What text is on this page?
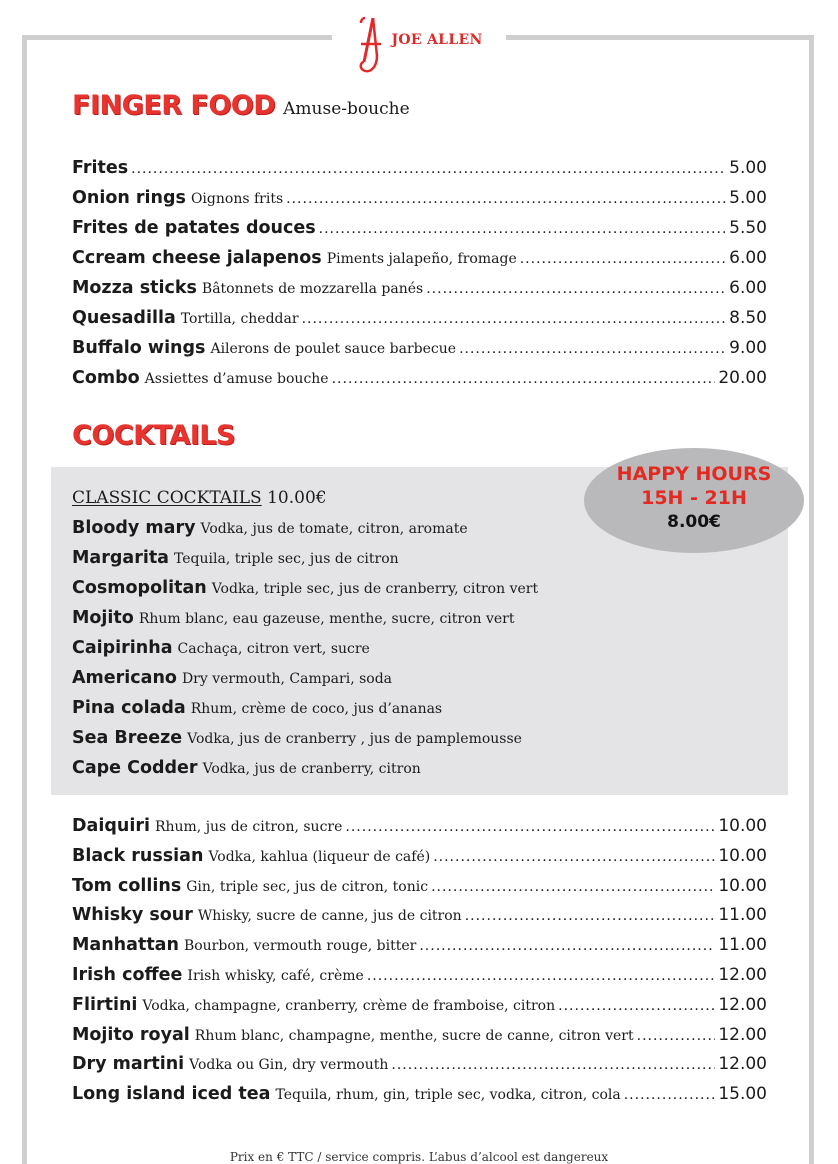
JOE ALLEN
FINGER FOOD Amuse-bouche
Frites .....	5.00
Onion rings Oignons frits .....	5.00
Frites de patates douces .....	5.50
Ccream cheese jalapenos Piments jalapeño, fromage .....	6.00
Mozza sticks Bâtonnets de mozzarella panés .....	6.00
Quesadilla Tortilla, cheddar .....	8.50
Buffalo wings Ailerons de poulet sauce barbecue .....	9.00
Combo Assiettes d’amuse bouche .....	20.00
COCKTAILS
CLASSIC COCKTAILS 10.00€
Bloody mary Vodka, jus de tomate, citron, aromate
Margarita Tequila, triple sec, jus de citron
Cosmopolitan Vodka, triple sec, jus de cranberry, citron vert
Mojito Rhum blanc, eau gazeuse, menthe, sucre, citron vert
Caipirinha Cachaça, citron vert, sucre
Americano Dry vermouth, Campari, soda
Pina colada Rhum, crème de coco, jus d’ananas
Sea Breeze Vodka, jus de cranberry , jus de pamplemousse
Cape Codder Vodka, jus de cranberry, citron
HAPPY HOURS
15H - 21H
8.00€
Daiquiri Rhum, jus de citron, sucre .....	10.00
Black russian Vodka, kahlua (liqueur de café) .....	10.00
Tom collins Gin, triple sec, jus de citron, tonic .....	10.00
Whisky sour Whisky, sucre de canne, jus de citron .....	11.00
Manhattan Bourbon, vermouth rouge, bitter .....	11.00
Irish coffee Irish whisky, café, crème .....	12.00
Flirtini Vodka, champagne, cranberry, crème de framboise, citron .....	12.00
Mojito royal Rhum blanc, champagne, menthe, sucre de canne, citron vert .....	12.00
Dry martini Vodka ou Gin, dry vermouth .....	12.00
Long island iced tea Tequila, rhum, gin, triple sec, vodka, citron, cola .....	15.00
Prix en € TTC / service compris. L’abus d’alcool est dangereux
